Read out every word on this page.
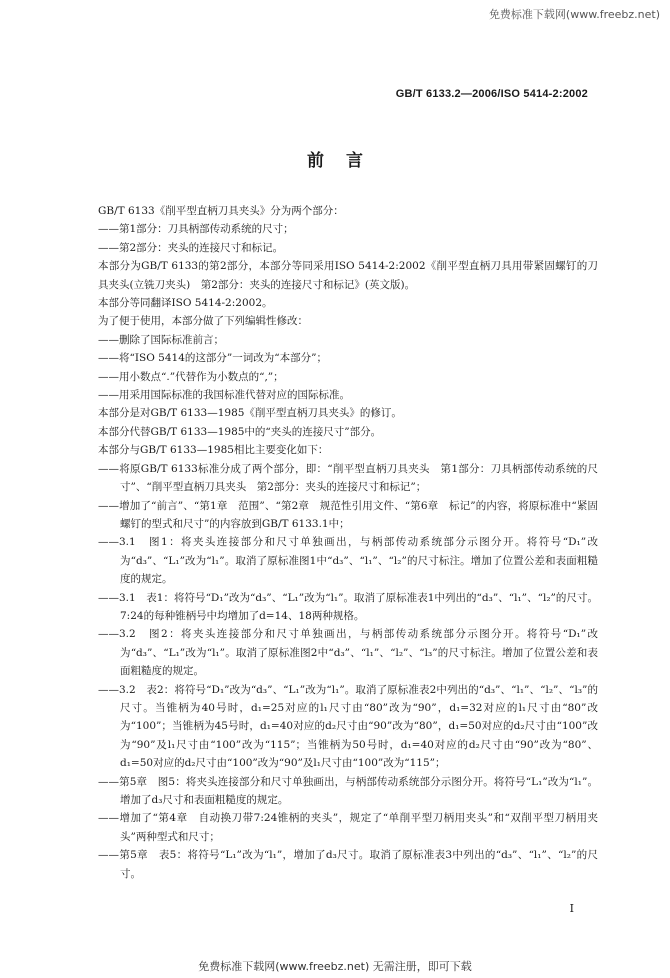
免费标准下载网(www.freebz.net)
GB/T 6133.2—2006/ISO 5414-2:2002
前言

GB/T 6133《削平型直柄刀具夹头》分为两个部分：

——第1部分：刀具柄部传动系统的尺寸；

——第2部分：夹头的连接尺寸和标记。

本部分为GB/T 6133的第2部分，本部分等同采用ISO 5414-2:2002《削平型直柄刀具用带紧固螺钉的刀具夹头(立铣刀夹头)　第2部分：夹头的连接尺寸和标记》(英文版)。

本部分等同翻译ISO 5414-2:2002。

为了便于使用，本部分做了下列编辑性修改：

——删除了国际标准前言；

——将“ISO 5414的这部分”一词改为“本部分”；

——用小数点“.”代替作为小数点的“,”；

——用采用国际标准的我国标准代替对应的国际标准。

本部分是对GB/T 6133—1985《削平型直柄刀具夹头》的修订。

本部分代替GB/T 6133—1985中的“夹头的连接尺寸”部分。

本部分与GB/T 6133—1985相比主要变化如下：

——将原GB/T 6133标准分成了两个部分，即：“削平型直柄刀具夹头　第1部分：刀具柄部传动系统的尺寸”、“削平型直柄刀具夹头　第2部分：夹头的连接尺寸和标记”；

——增加了“前言”、“第1章　范围”、“第2章　规范性引用文件、“第6章　标记”的内容，将原标准中“紧固螺钉的型式和尺寸”的内容放到GB/T 6133.1中；

——3.1　图1：将夹头连接部分和尺寸单独画出，与柄部传动系统部分示图分开。将符号“D₁”改为“d₃”、“L₁”改为“l₁”。取消了原标准图1中“d₃”、“l₁”、“l₂”的尺寸标注。增加了位置公差和表面粗糙度的规定。

——3.1　表1：将符号“D₁”改为“d₃”、“L₁”改为“l₁”。取消了原标准表1中列出的“d₃”、“l₁”、“l₂”的尺寸。7:24的每种锥柄号中均增加了d=14、18两种规格。

——3.2　图2：将夹头连接部分和尺寸单独画出，与柄部传动系统部分示图分开。将符号“D₁”改为“d₃”、“L₁”改为“l₁”。取消了原标准图2中“d₃”、“l₁”、“l₂”、“l₃”的尺寸标注。增加了位置公差和表面粗糙度的规定。

——3.2　表2：将符号“D₁”改为“d₃”、“L₁”改为“l₁”。取消了原标准表2中列出的“d₃”、“l₁”、“l₂”、“l₃”的尺寸。当锥柄为40号时，d₁=25对应的l₁尺寸由“80”改为“90”，d₁=32对应的l₁尺寸由“80”改为“100”；当锥柄为45号时，d₁=40对应的d₂尺寸由“90”改为“80”，d₁=50对应的d₂尺寸由“100”改为“90”及l₁尺寸由“100”改为“115”；当锥柄为50号时，d₁=40对应的d₂尺寸由“90”改为“80”、d₁=50对应的d₂尺寸由“100”改为“90”及l₁尺寸由“100”改为“115”；

——第5章　图5：将夹头连接部分和尺寸单独画出，与柄部传动系统部分示图分开。将符号“L₁”改为“l₁”。增加了d₃尺寸和表面粗糙度的规定。

——增加了“第4章　自动换刀带7:24锥柄的夹头”，规定了“单削平型刀柄用夹头”和“双削平型刀柄用夹头”两种型式和尺寸；

——第5章　表5：将符号“L₁”改为“l₁”，增加了d₃尺寸。取消了原标准表3中列出的“d₃”、“l₁”、“l₂”的尺寸。

I
免费标准下载网(www.freebz.net) 无需注册，即可下载
